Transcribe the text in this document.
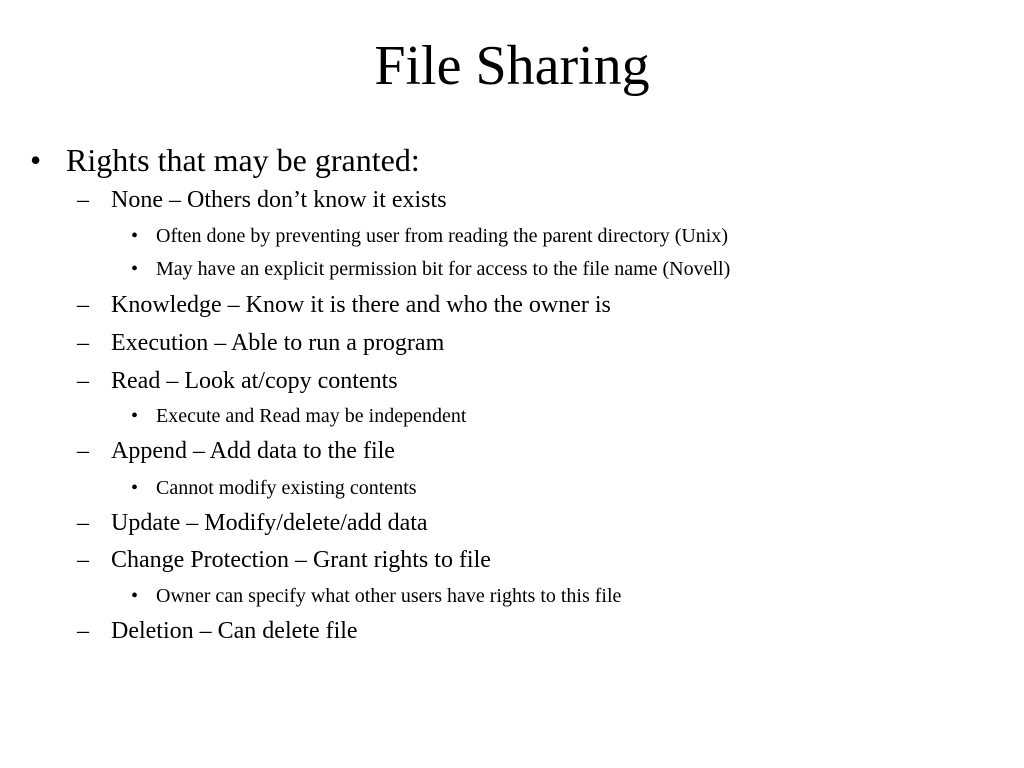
File Sharing
• Rights that may be granted:
– None – Others don’t know it exists
• Often done by preventing user from reading the parent directory (Unix)
• May have an explicit permission bit for access to the file name (Novell)
– Knowledge – Know it is there and who the owner is
– Execution – Able to run a program
– Read – Look at/copy contents
• Execute and Read may be independent
– Append – Add data to the file
• Cannot modify existing contents
– Update – Modify/delete/add data
– Change Protection – Grant rights to file
• Owner can specify what other users have rights to this file
– Deletion – Can delete file
